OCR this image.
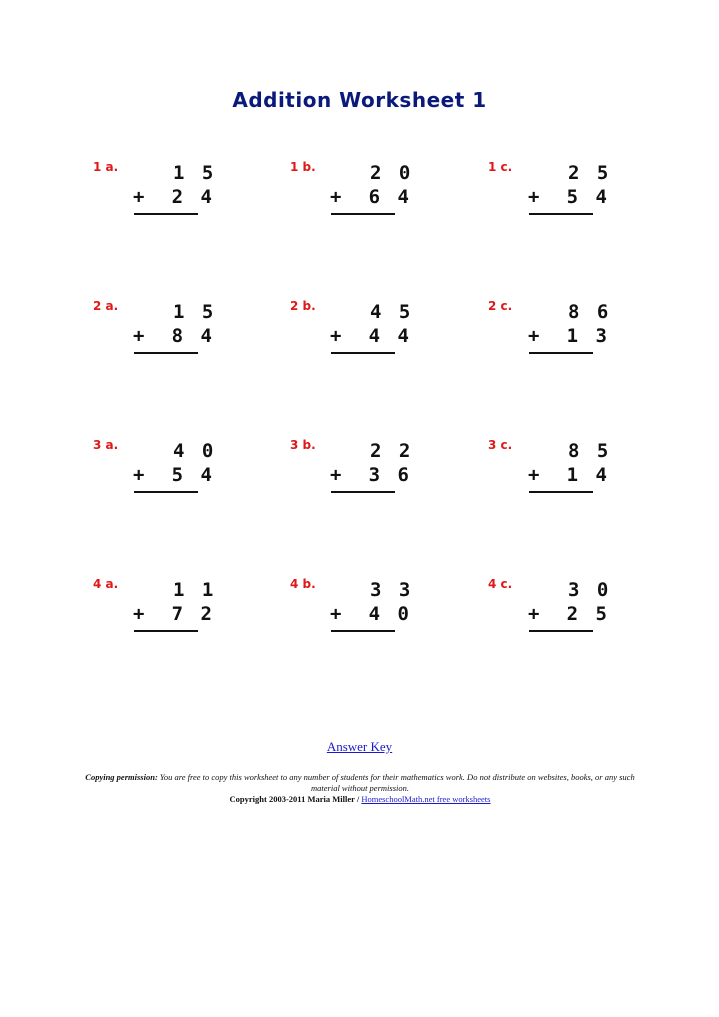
Addition Worksheet 1
1 a.	1 5
+ 2 4
1 b.	2 0
+ 6 4
1 c.	2 5
+ 5 4
2 a.	1 5
+ 8 4
2 b.	4 5
+ 4 4
2 c.	8 6
+ 1 3
3 a.	4 0
+ 5 4
3 b.	2 2
+ 3 6
3 c.	8 5
+ 1 4
4 a.	1 1
+ 7 2
4 b.	3 3
+ 4 0
4 c.	3 0
+ 2 5
Answer Key
Copying permission: You are free to copy this worksheet to any number of students for their mathematics work. Do not distribute on websites, books, or any such material without permission.
Copyright 2003-2011 Maria Miller / HomeschoolMath.net free worksheets
